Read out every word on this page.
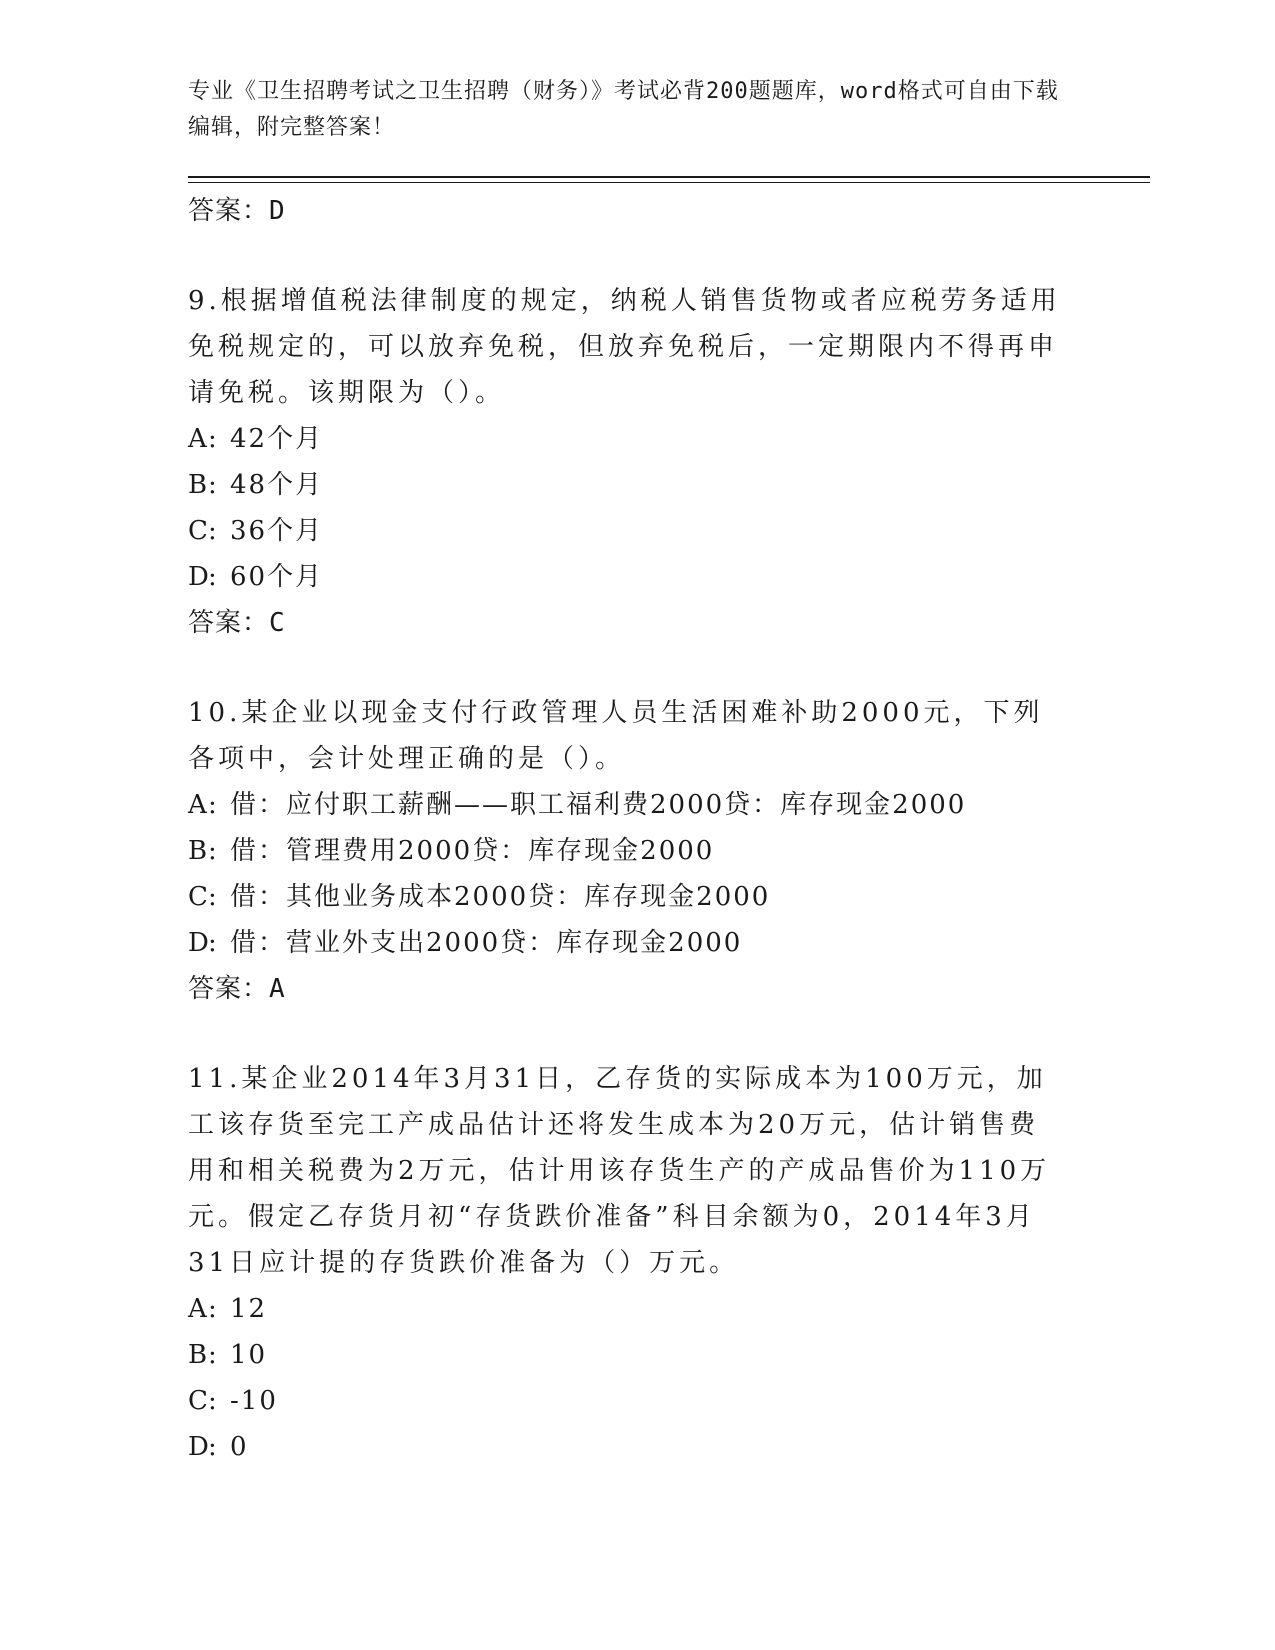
专业《卫生招聘考试之卫生招聘（财务）》考试必背200题题库，word格式可自由下载编辑，附完整答案！
答案：D
9.根据增值税法律制度的规定，纳税人销售货物或者应税劳务适用免税规定的，可以放弃免税，但放弃免税后，一定期限内不得再申请免税。该期限为（）。
A: 42个月
B: 48个月
C: 36个月
D: 60个月
答案：C
10.某企业以现金支付行政管理人员生活困难补助2000元，下列各项中，会计处理正确的是（）。
A: 借：应付职工薪酬——职工福利费2000贷：库存现金2000
B: 借：管理费用2000贷：库存现金2000
C: 借：其他业务成本2000贷：库存现金2000
D: 借：营业外支出2000贷：库存现金2000
答案：A
11.某企业2014年3月31日，乙存货的实际成本为100万元，加工该存货至完工产成品估计还将发生成本为20万元，估计销售费用和相关税费为2万元，估计用该存货生产的产成品售价为110万元。假定乙存货月初“存货跌价准备”科目余额为0，2014年3月31日应计提的存货跌价准备为（）万元。
A: 12
B: 10
C: -10
D: 0
